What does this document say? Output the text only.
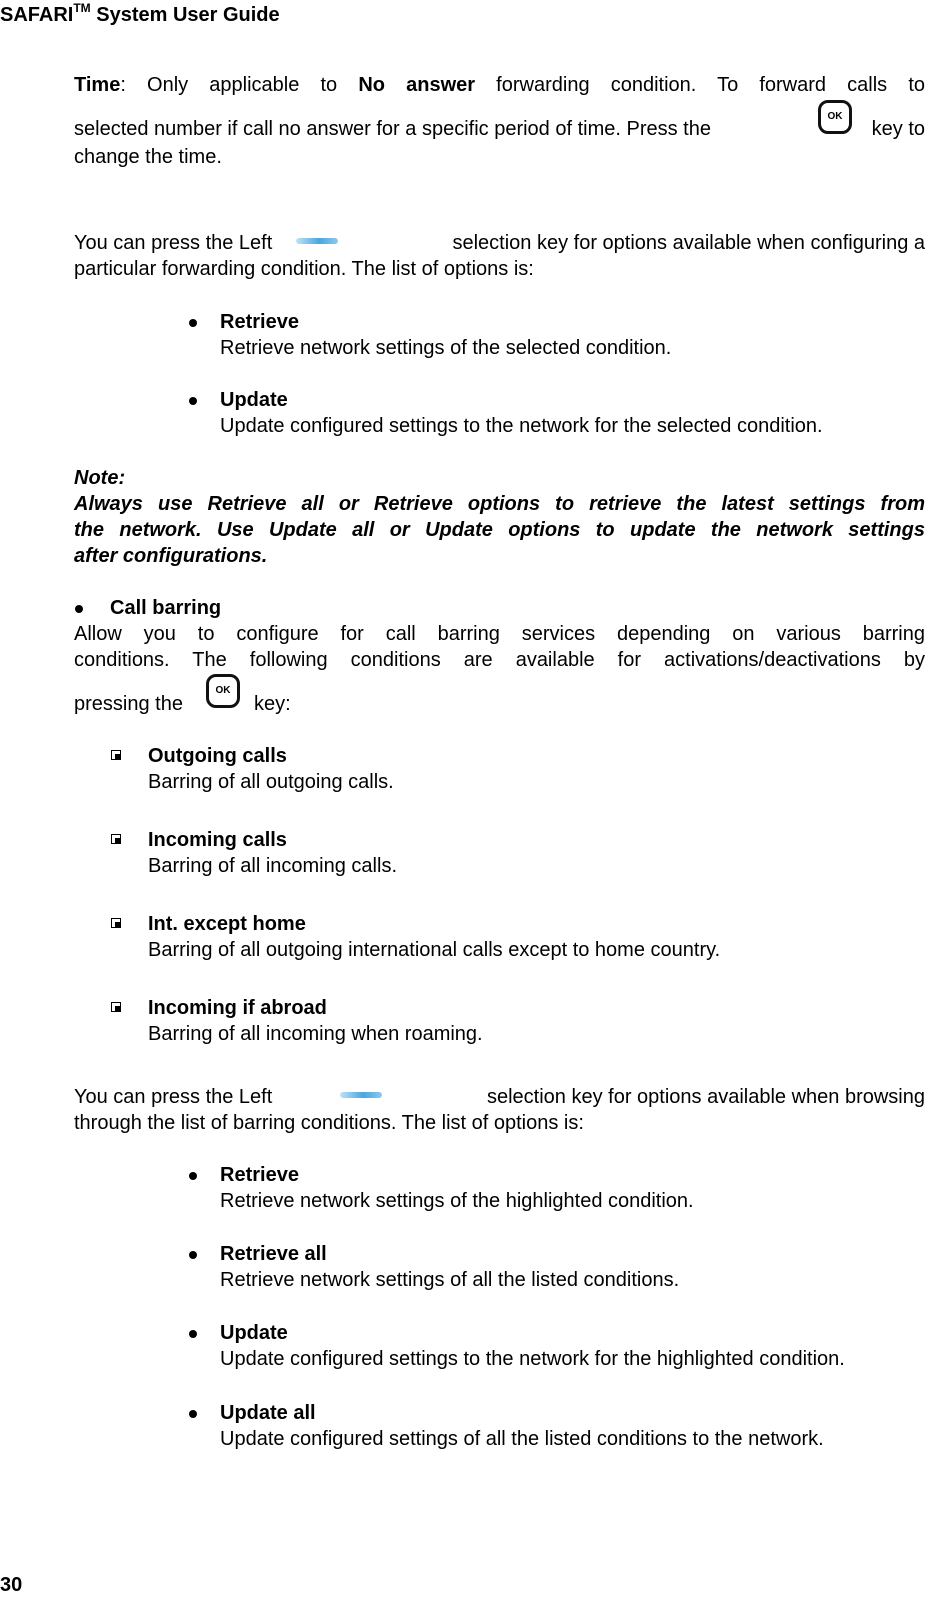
SAFARI™ System User Guide
Time: Only applicable to No answer forwarding condition. To forward calls to
selected number if call no answer for a specific period of time. Press the
OK
key to
change the time.
You can press the Left	selection key for options available when configuring a
particular forwarding condition. The list of options is:
Retrieve
Retrieve network settings of the selected condition.
Update
Update configured settings to the network for the selected condition.
Note:
Always use Retrieve all or Retrieve options to retrieve the latest settings from
the network. Use Update all or Update options to update the network settings
after configurations.
Call barring
Allow you to configure for call barring services depending on various barring
conditions. The following conditions are available for activations/deactivations by
pressing the
OK
key:
Outgoing calls
Barring of all outgoing calls.
Incoming calls
Barring of all incoming calls.
Int. except home
Barring of all outgoing international calls except to home country.
Incoming if abroad
Barring of all incoming when roaming.
You can press the Left	selection key for options available when browsing
through the list of barring conditions. The list of options is:
Retrieve
Retrieve network settings of the highlighted condition.
Retrieve all
Retrieve network settings of all the listed conditions.
Update
Update configured settings to the network for the highlighted condition.
Update all
Update configured settings of all the listed conditions to the network.
30
